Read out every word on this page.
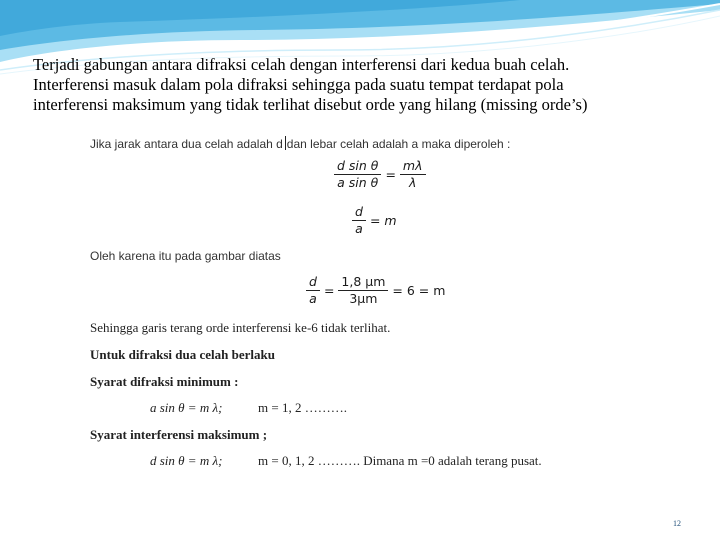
Terjadi gabungan antara difraksi celah dengan interferensi dari kedua buah celah.

Interferensi masuk dalam pola difraksi sehingga pada suatu tempat terdapat pola

interferensi maksimum yang tidak terlihat disebut orde yang hilang (missing orde’s)

Jika jarak antara dua celah adalah d dan lebar celah adalah a maka diperoleh :
$\frac{\text{d sin θ}}{\text{a sin θ}} = \frac{m\lambda}{\lambda}$
$\frac{d}{a} = m$
Oleh karena itu pada gambar diatas
$\frac{d}{a} = \frac{1,8 \mu m}{3\mu m} = 6 = m$
Sehingga garis terang orde interferensi ke-6 tidak terlihat.
Untuk difraksi dua celah berlaku
Syarat difraksi minimum :
a sin θ = m λ;	m = 1, 2 ……….
Syarat interferensi maksimum ;
d sin θ = m λ;	m = 0, 1, 2 ………. Dimana m =0 adalah terang pusat.
12
